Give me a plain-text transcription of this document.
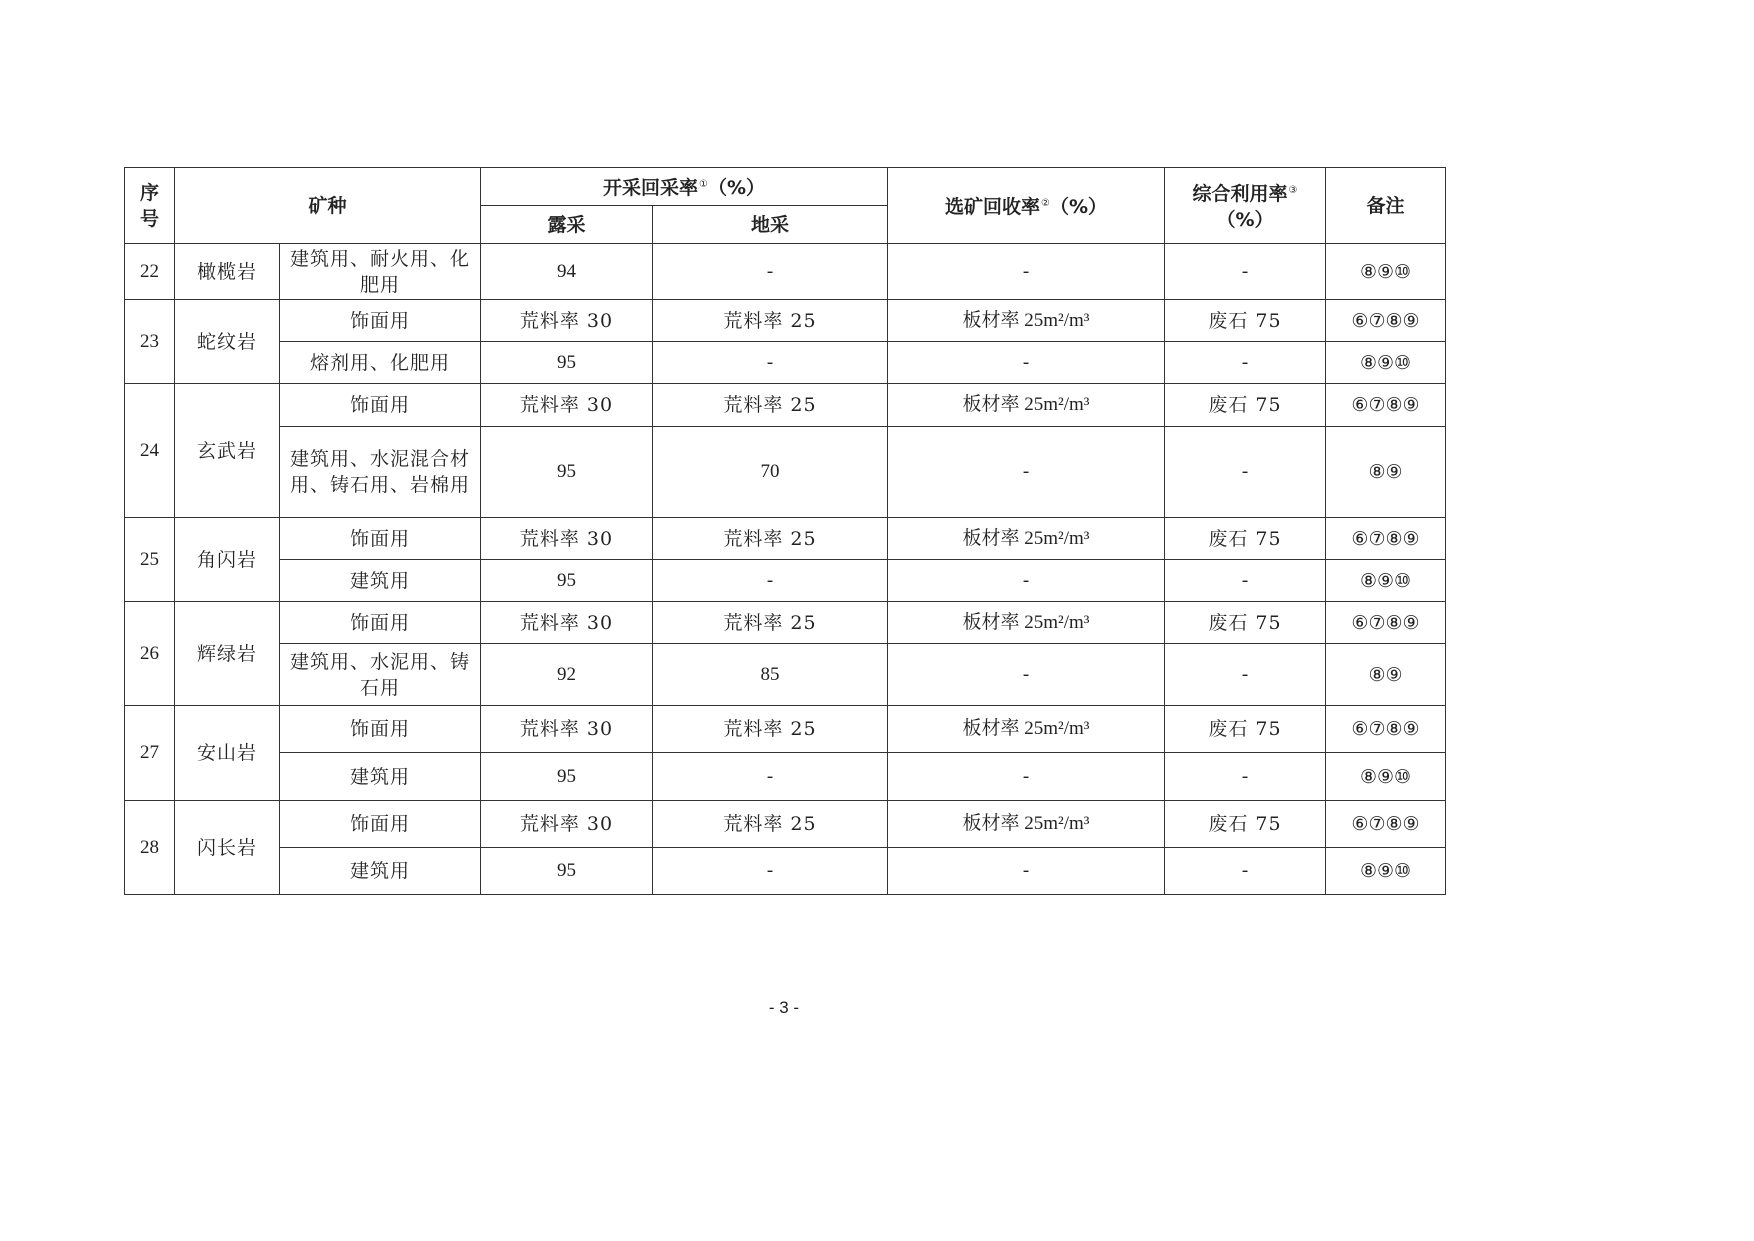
序号	矿种		开采回采率①（%）		选矿回收率②（%）	综合利用率③
（%）	备注
			露采	地采			
22	橄榄岩	建筑用、耐火用、化肥用	94	-	-	-	⑧⑨⑩
23	蛇纹岩	饰面用	荒料率 30	荒料率 25	板材率 25m²/m³	废石 75	⑥⑦⑧⑨
		熔剂用、化肥用	95	-	-	-	⑧⑨⑩
24	玄武岩	饰面用	荒料率 30	荒料率 25	板材率 25m²/m³	废石 75	⑥⑦⑧⑨
		建筑用、水泥混合材用、铸石用、岩棉用	95	70	-	-	⑧⑨
25	角闪岩	饰面用	荒料率 30	荒料率 25	板材率 25m²/m³	废石 75	⑥⑦⑧⑨
		建筑用	95	-	-	-	⑧⑨⑩
26	辉绿岩	饰面用	荒料率 30	荒料率 25	板材率 25m²/m³	废石 75	⑥⑦⑧⑨
		建筑用、水泥用、铸石用	92	85	-	-	⑧⑨
27	安山岩	饰面用	荒料率 30	荒料率 25	板材率 25m²/m³	废石 75	⑥⑦⑧⑨
		建筑用	95	-	-	-	⑧⑨⑩
28	闪长岩	饰面用	荒料率 30	荒料率 25	板材率 25m²/m³	废石 75	⑥⑦⑧⑨
		建筑用	95	-	-	-	⑧⑨⑩
- 3 -
